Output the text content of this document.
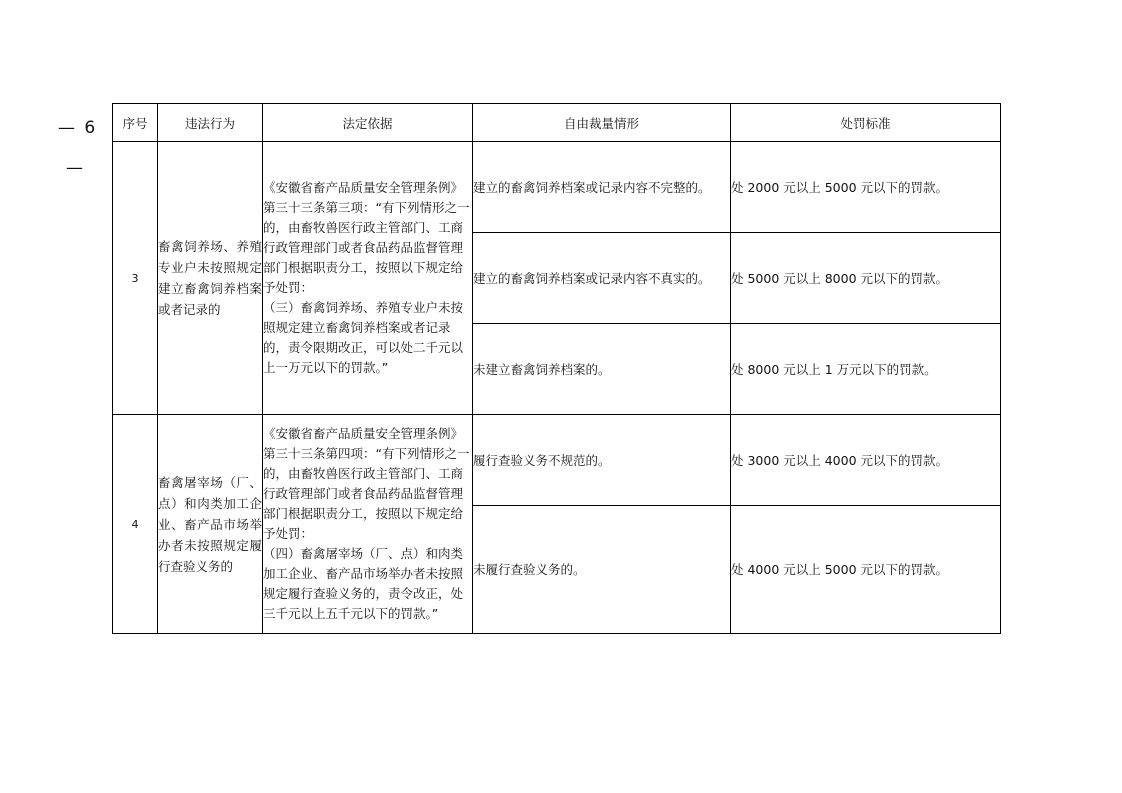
— 6
—
序号	违法行为	法定依据	自由裁量情形	处罚标准
3	畜禽饲养场、养殖专业户未按照规定建立畜禽饲养档案或者记录的	《安徽省畜产品质量安全管理条例》第三十三条第三项：“有下列情形之一的，由畜牧兽医行政主管部门、工商行政管理部门或者食品药品监督管理部门根据职责分工，按照以下规定给予处罚：
（三）畜禽饲养场、养殖专业户未按照规定建立畜禽饲养档案或者记录的，责令限期改正，可以处二千元以上一万元以下的罚款。”	建立的畜禽饲养档案或记录内容不完整的。	处 2000 元以上 5000 元以下的罚款。
			建立的畜禽饲养档案或记录内容不真实的。	处 5000 元以上 8000 元以下的罚款。
			未建立畜禽饲养档案的。	处 8000 元以上 1 万元以下的罚款。
4	畜禽屠宰场（厂、点）和肉类加工企业、畜产品市场举办者未按照规定履行查验义务的	《安徽省畜产品质量安全管理条例》第三十三条第四项：“有下列情形之一的，由畜牧兽医行政主管部门、工商行政管理部门或者食品药品监督管理部门根据职责分工，按照以下规定给予处罚：
（四）畜禽屠宰场（厂、点）和肉类加工企业、畜产品市场举办者未按照规定履行查验义务的，责令改正，处三千元以上五千元以下的罚款。”	履行查验义务不规范的。	处 3000 元以上 4000 元以下的罚款。
			未履行查验义务的。	处 4000 元以上 5000 元以下的罚款。
